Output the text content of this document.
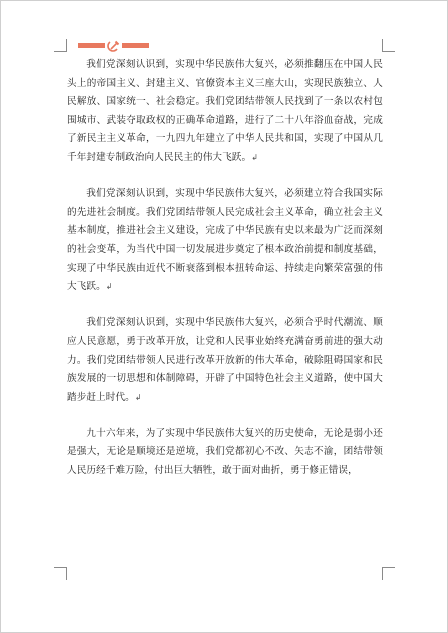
我们党深刻认识到，实现中华民族伟大复兴，必须推翻压在中国人民头上的帝国主义、封建主义、官僚资本主义三座大山，实现民族独立、人民解放、国家统一、社会稳定。我们党团结带领人民找到了一条以农村包围城市、武装夺取政权的正确革命道路，进行了二十八年浴血奋战，完成了新民主主义革命，一九四九年建立了中华人民共和国，实现了中国从几千年封建专制政治向人民民主的伟大飞跃。↲

我们党深刻认识到，实现中华民族伟大复兴，必须建立符合我国实际的先进社会制度。我们党团结带领人民完成社会主义革命，确立社会主义基本制度，推进社会主义建设，完成了中华民族有史以来最为广泛而深刻的社会变革，为当代中国一切发展进步奠定了根本政治前提和制度基础，实现了中华民族由近代不断衰落到根本扭转命运、持续走向繁荣富强的伟大飞跃。↲

我们党深刻认识到，实现中华民族伟大复兴，必须合乎时代潮流、顺应人民意愿，勇于改革开放，让党和人民事业始终充满奋勇前进的强大动力。我们党团结带领人民进行改革开放新的伟大革命，破除阻碍国家和民族发展的一切思想和体制障碍，开辟了中国特色社会主义道路，使中国大踏步赶上时代。↲

九十六年来，为了实现中华民族伟大复兴的历史使命，无论是弱小还是强大，无论是顺境还是逆境，我们党都初心不改、矢志不渝，团结带领人民历经千难万险，付出巨大牺牲，敢于面对曲折，勇于修正错误，
